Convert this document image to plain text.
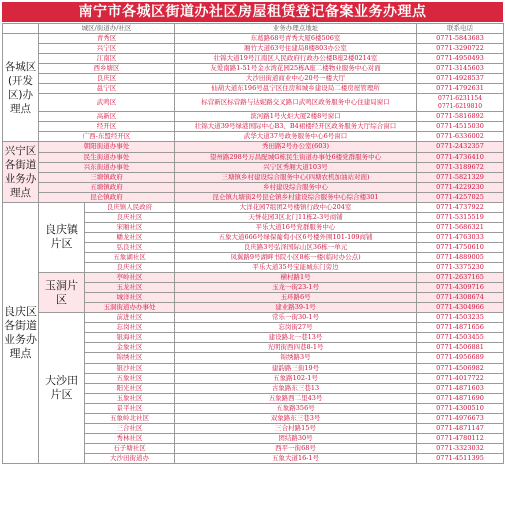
南宁市各城区街道办社区房屋租赁登记备案业务办理点
	城区/街道办/社区		业务办理点地址	联系电话
各城区(开发区)办理点	青秀区		东葛路68号青秀大厦6楼506室	0771-5843683
	兴宁区		厢竹大道63号住建局8楼803办公室	0771-3290722
	江南区		壮锦大道19号江南区人民政府行政办公楼B座2楼0214室	0771-4950493
	西乡塘区		友爱南路1-51号金水湾花园25栋A座二楼物业服务中心对面	0771-3145603
	良庆区		大沙田街道商业中心20号一楼大厅	0771-4928537
	邕宁区		仙葫大道东196号邕宁区住房和城乡建设局二楼房屋管理所	0771-4792631
	武鸣区		标营新区标营路与达妮路交叉路口武鸣区政务服务中心住建局窗口	0771-6231154
0771-6219810

	高新区		滨河路1号火炬大厦2楼8号窗口	0771-5816892
	经开区		壮锦大道39号绿港国际中心B3、B4裙楼经开区政务服务大厅综合窗口	0771-4515030
	广西-东盟经开区		武华大道37号政务服务中心6号窗口	0771-6336002
兴宁区各街道业务办理点	朝阳街道办事处		秀田路2号办公室(603)	0771-2432357
	民生街道办事处		望州路298号万昌配城G栋民生街道办事处6楼党群服务中心	0771-4736410
	兴东街道办事处		兴宁区秀厢大道103号	0771-3189672
	三塘镇政府		三塘镇乡村建设综合服务中心(四塘农机加油站对面)	0771-5821329
	五塘镇政府		乡村建设综合服务中心	0771-4229230
	昆仑镇政府		昆仑镇九塘街2号昆仑镇乡村建设综合服务中心综合楼301	0771-4257025
良庆区各街道业务办理点	良庆镇片区	良庆镇人民政府	大洋花园7组团2号楼镇行政中心204室	0771-4737922
		良庆社区	天誉花园3区北门11栋2-3号商铺	0771-5315519
		宋厢社区	平乐大道16号党群服务中心	0771-5686321
		蟠龙社区	五象大道666号绿保葡萄小区6号楼外围101-109商铺	0771-4763033
		弘良社区	良庆路3号弘泽国际山区36栋一单元	0771-4750610
		五象湖社区	凤翼路9号湖畔书院小区8栋一楼(临时办公点)	0771-4889005
		良庆社区	平乐大道35号宝能城东门旁边	0771-3375230
	玉洞片区	亭岭社区	横村路1号	0771-2637165
		玉龙社区	玉龙一街23-1号	0771-4309716
		城洋社区	玉环路6号	0771-4308674
		玉洞街道办办事处	建业路39-1号	0771-4304966
	大沙田片区	前进社区	常乐一街30-1号	0771-4503235
		忘岗社区	忘岗街27号	0771-4871656
		银海社区	建设路北一巷13号	0771-4503455
		金象社区	光明街西四巷8-1号	0771-4506881
		锦绣社区	锦绣路3号	0771-4956689
		银沙社区	建韵路三街19号	0771-4506982
		五象社区	五象路102-1号	0771-4017722
		阳光社区	古象路东三巷13	0771-4871603
		玉象社区	五象路西二里43号	0771-4871690
		景平社区	五象路356号	0771-4300510
		五象岭北社区	双象路东三巷3号	0771-4976673
		三合社区	三合村路15号	0771-4871147
		秀林社区	团结路30号	0771-4780112
		石子塘社区	西平一街68号	0771-3323032
		大沙田街道办	五象大道16-1号	0771-4511395
